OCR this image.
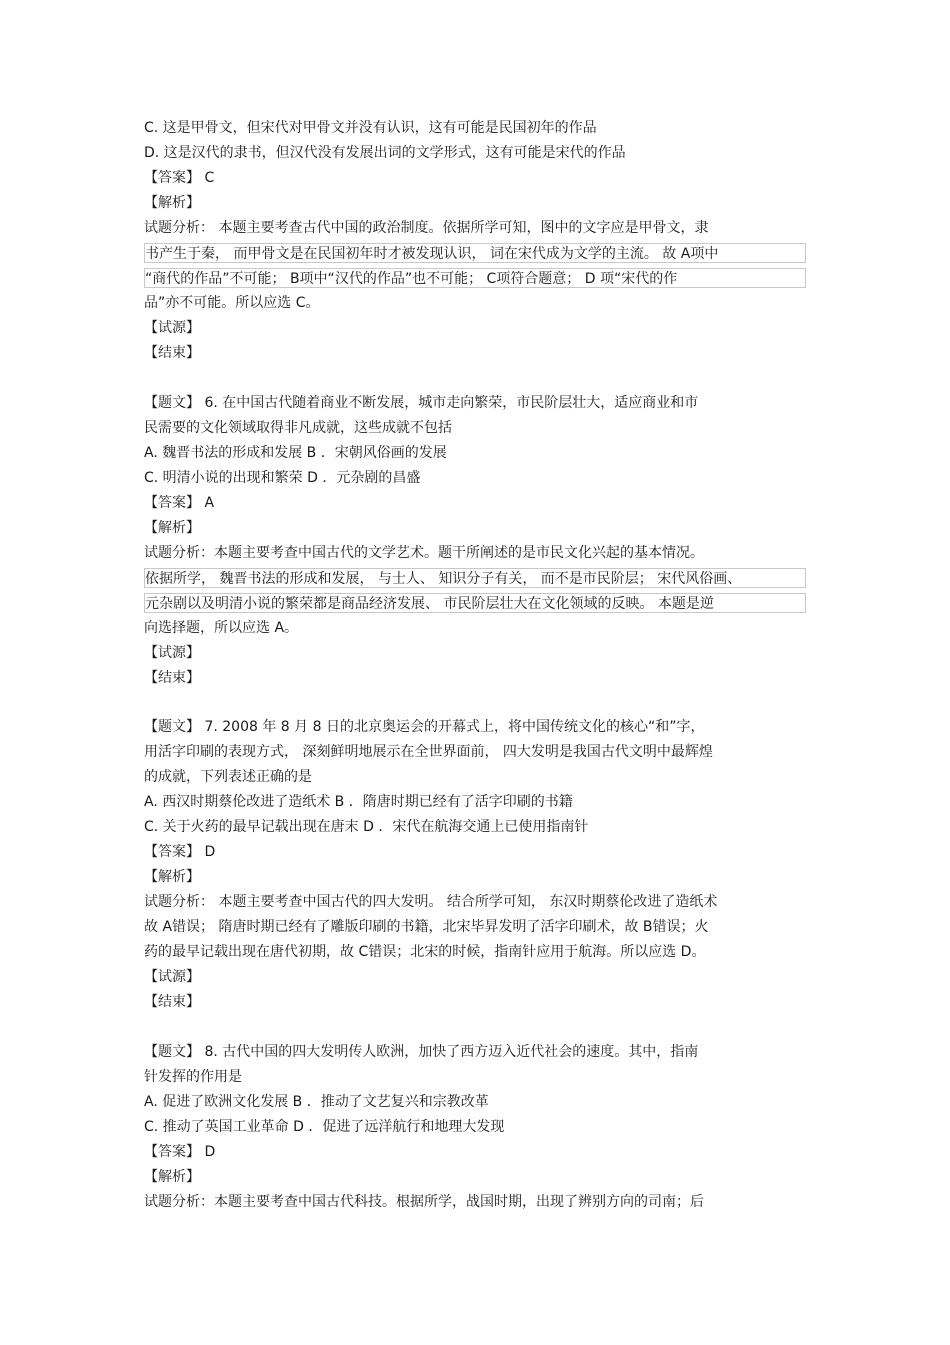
C. 这是甲骨文，但宋代对甲骨文并没有认识，这有可能是民国初年的作品
D. 这是汉代的隶书，但汉代没有发展出词的文学形式，这有可能是宋代的作品
【答案】 C
【解析】
试题分析： 本题主要考查古代中国的政治制度。依据所学可知，图中的文字应是甲骨文，隶
书产生于秦， 而甲骨文是在民国初年时才被发现认识， 词在宋代成为文学的主流。 故 A项中
“商代的作品”不可能； B项中“汉代的作品”也不可能； C项符合题意； D 项“宋代的作
品”亦不可能。所以应选 C。
【试源】
【结束】
【题文】 6. 在中国古代随着商业不断发展，城市走向繁荣，市民阶层壮大，适应商业和市
民需要的文化领域取得非凡成就，这些成就不包括
A. 魏晋书法的形成和发展 B ．宋朝风俗画的发展
C. 明清小说的出现和繁荣 D ．元杂剧的昌盛
【答案】 A
【解析】
试题分析：本题主要考查中国古代的文学艺术。题干所阐述的是市民文化兴起的基本情况。
依据所学， 魏晋书法的形成和发展， 与士人、 知识分子有关， 而不是市民阶层； 宋代风俗画、
元杂剧以及明清小说的繁荣都是商品经济发展、 市民阶层壮大在文化领域的反映。 本题是逆
向选择题，所以应选 A。
【试源】
【结束】
【题文】 7. 2008 年 8 月 8 日的北京奥运会的开幕式上，将中国传统文化的核心“和”字，
用活字印刷的表现方式， 深刻鲜明地展示在全世界面前， 四大发明是我国古代文明中最辉煌
的成就，下列表述正确的是
A. 西汉时期蔡伦改进了造纸术 B ．隋唐时期已经有了活字印刷的书籍
C. 关于火药的最早记载出现在唐末 D ．宋代在航海交通上已使用指南针
【答案】 D
【解析】
试题分析： 本题主要考查中国古代的四大发明。 结合所学可知， 东汉时期蔡伦改进了造纸术
故 A错误； 隋唐时期已经有了雕版印刷的书籍，北宋毕昇发明了活字印刷术，故 B错误；火
药的最早记载出现在唐代初期，故 C错误；北宋的时候，指南针应用于航海。所以应选 D。
【试源】
【结束】
【题文】 8. 古代中国的四大发明传人欧洲，加快了西方迈入近代社会的速度。其中，指南
针发挥的作用是
A. 促进了欧洲文化发展 B ．推动了文艺复兴和宗教改革
C. 推动了英国工业革命 D ．促进了远洋航行和地理大发现
【答案】 D
【解析】
试题分析：本题主要考查中国古代科技。根据所学，战国时期，出现了辨别方向的司南；后
